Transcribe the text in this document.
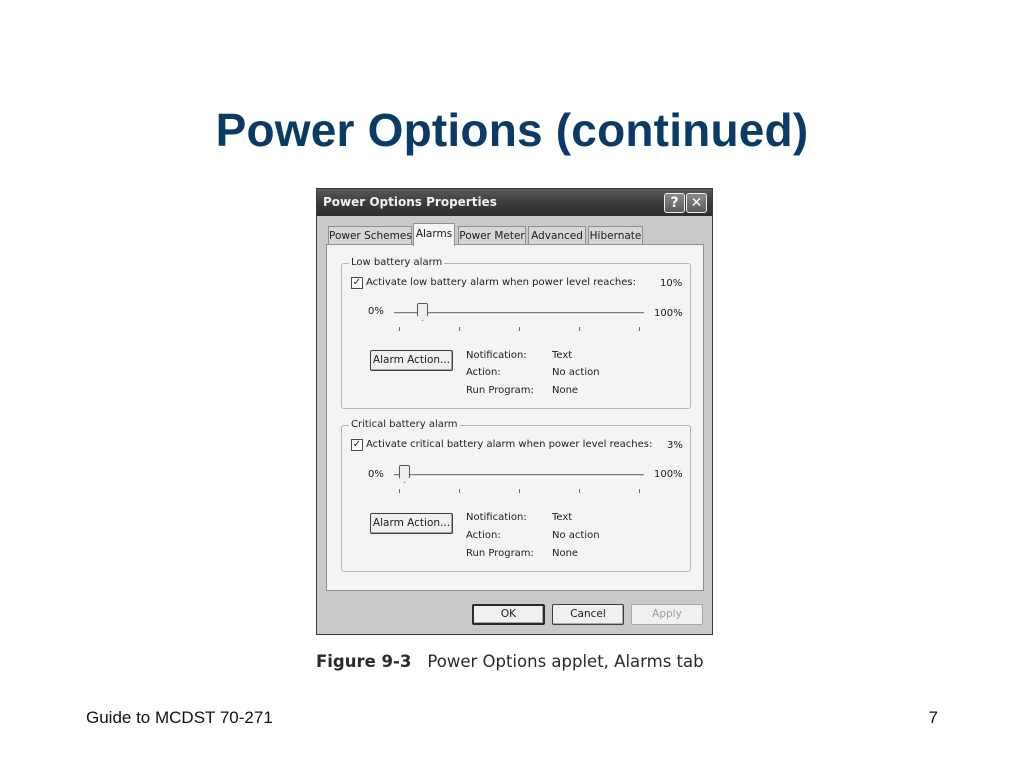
Power Options (continued)
Power Options Properties	? ✕
Power Schemes Alarms Power Meter Advanced Hibernate
Low battery alarm
✓ Activate low battery alarm when power level reaches: 10%
0%	100%
Alarm Action... Notification:	Text
Action:	No action
Run Program: None
Critical battery alarm
✓ Activate critical battery alarm when power level reaches: 3%
0%	100%
Alarm Action... Notification:	Text
Action:	No action
Run Program: None
OK	Cancel	Apply
Figure 9-3 Power Options applet, Alarms tab
Guide to MCDST 70-271	7
